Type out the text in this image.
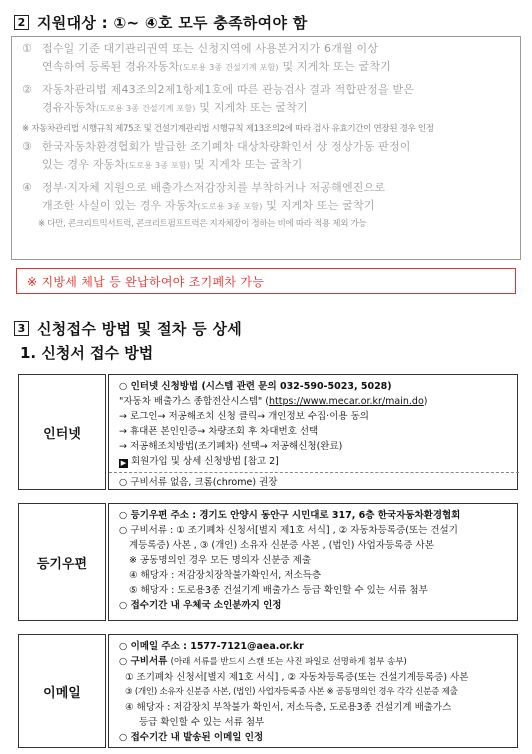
2 지원대상 : ①~ ④호 모두 충족하여야 함
① 접수일 기준 대기관리권역 또는 신청지역에 사용본거지가 6개월 이상
연속하여 등록된 경유자동차(도로용 3종 건설기계 포함) 및 지게차 또는 굴착기
② 자동차관리법 제43조의2제1항제1호에 따른 관능검사 결과 적합판정을 받은
경유자동차(도로용 3종 건설기계 포함) 및 지게차 또는 굴착기
※ 자동차관리법 시행규칙 제75조 및 건설기계관리법 시행규칙 제13조의2에 따라 검사 유효기간이 연장된 경우 인정
③ 한국자동차환경협회가 발급한 조기폐차 대상차량확인서 상 정상가동 판정이
있는 경우 자동차(도로용 3종 포함) 및 지게차 또는 굴착기
④ 정부·지자체 지원으로 배출가스저감장치를 부착하거나 저공해엔진으로
개조한 사실이 있는 경우 자동차(도로용 3종 포함) 및 지게차 또는 굴착기
※ 다만, 콘크리트믹서트럭, 콘크리트펌프트럭은 지자체장이 정하는 비에 따라 적용 제외 가능
※ 지방세 체납 등 완납하여야 조기폐차 가능
3 신청접수 방법 및 절차 등 상세
1. 신청서 접수 방법
인터넷
○ 인터넷 신청방법 (시스템 관련 문의 032-590-5023, 5028)
"자동차 배출가스 종합전산시스템" (https://www.mecar.or.kr/main.do)
→ 로그인→ 저공해조치 신청 클릭→ 개인정보 수집·이용 동의
→ 휴대폰 본인인증→ 차량조회 후 차대번호 선택
→ 저공해조치방법(조기폐차) 선택→ 저공해신청(완료)
▶ 회원가입 및 상세 신청방법 [참고 2]
○ 구비서류 없음, 크롬(chrome) 권장
등기우편
○ 등기우편 주소 : 경기도 안양시 동안구 시민대로 317, 6층 한국자동차환경협회
○ 구비서류 : ① 조기폐차 신청서[별지 제1호 서식] , ② 자동차등록증(또는 건설기
계등록증) 사본 , ③ (개인) 소유자 신분증 사본 , (법인) 사업자등록증 사본
※ 공동명의인 경우 모든 명의자 신분증 제출
④ 해당자 : 저감장치장착불가확인서, 저소득층
⑤ 해당자 : 도로용3종 건설기계 배출가스 등급 확인할 수 있는 서류 첨부
○ 접수기간 내 우체국 소인분까지 인정
이메일
○ 이메일 주소 : 1577-7121@aea.or.kr
○ 구비서류 (아래 서류를 반드시 스캔 또는 사진 파일로 선명하게 첨부 송부)
① 조기폐차 신청서[별지 제1호 서식] , ② 자동차등록증(또는 건설기계등록증) 사본
③ (개인) 소유자 신분증 사본, (법인) 사업자등록증 사본 ※ 공동명의인 경우 각각 신분증 제출
④ 해당자 : 저감장치 부착불가 확인서, 저소득층, 도로용3종 건설기계 배출가스
등급 확인할 수 있는 서류 첨부
○ 접수기간 내 발송된 이메일 인정
